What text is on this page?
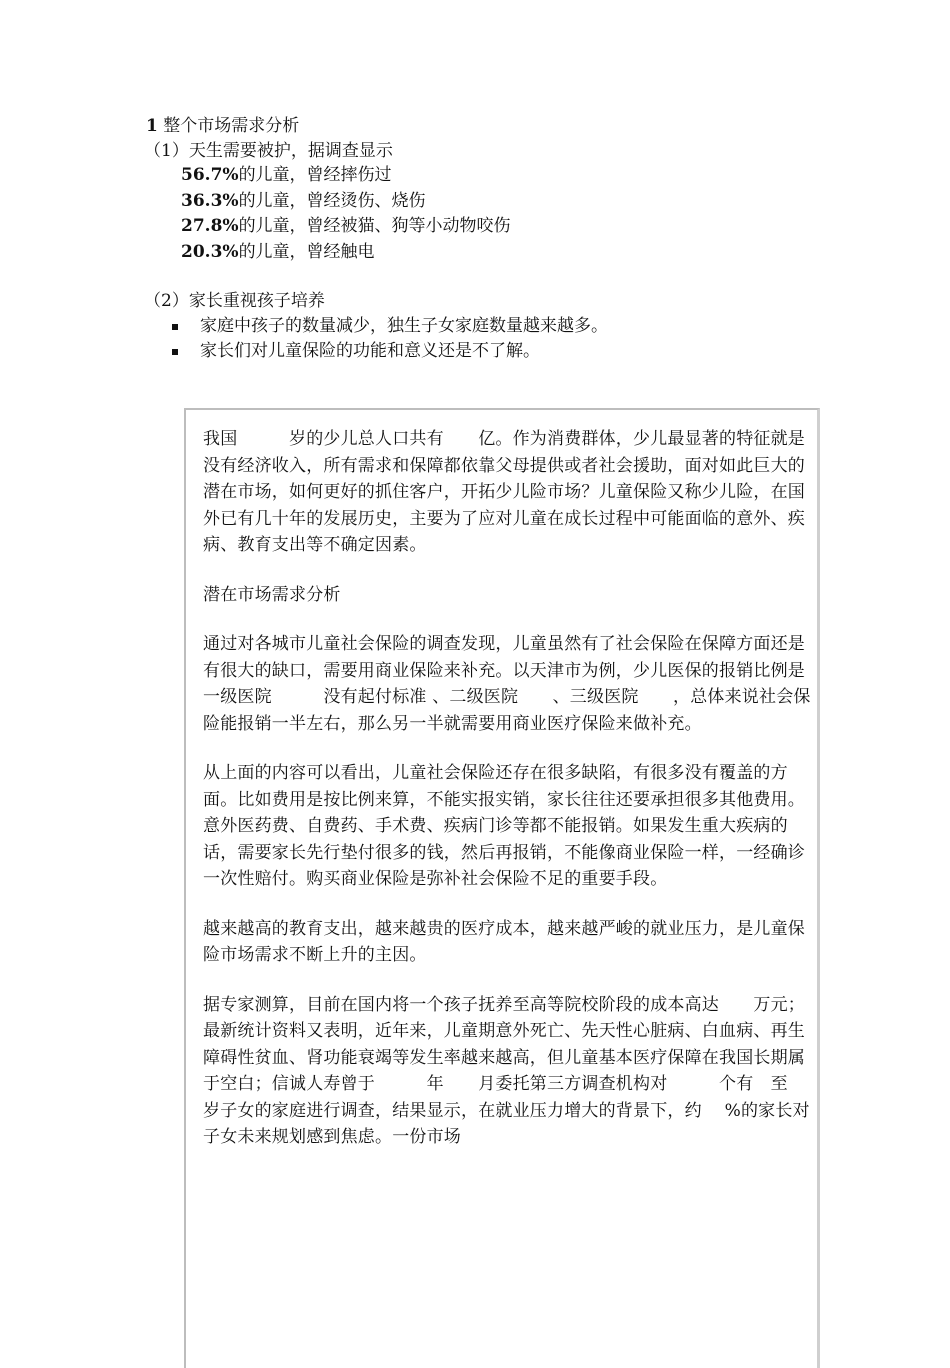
1 整个市场需求分析
（1）天生需要被护，据调查显示
56.7%的儿童，曾经摔伤过
36.3%的儿童，曾经烫伤、烧伤
27.8%的儿童，曾经被猫、狗等小动物咬伤
20.3%的儿童，曾经触电
（2）家长重视孩子培养
家庭中孩子的数量减少，独生子女家庭数量越来越多。
家长们对儿童保险的功能和意义还是不了解。

我国　　　岁的少儿总人口共有　　亿。作为消费群体，少儿最显著的特征就是没有经济收入，所有需求和保障都依靠父母提供或者社会援助，面对如此巨大的潜在市场，如何更好的抓住客户，开拓少儿险市场？儿童保险又称少儿险，在国外已有几十年的发展历史，主要为了应对儿童在成长过程中可能面临的意外、疾病、教育支出等不确定因素。

潜在市场需求分析

通过对各城市儿童社会保险的调查发现，儿童虽然有了社会保险在保障方面还是有很大的缺口，需要用商业保险来补充。以天津市为例，少儿医保的报销比例是一级医院　　　没有起付标准 、二级医院　　、三级医院　　，总体来说社会保险能报销一半左右，那么另一半就需要用商业医疗保险来做补充。

从上面的内容可以看出，儿童社会保险还存在很多缺陷，有很多没有覆盖的方面。比如费用是按比例来算，不能实报实销，家长往往还要承担很多其他费用。意外医药费、自费药、手术费、疾病门诊等都不能报销。如果发生重大疾病的话，需要家长先行垫付很多的钱，然后再报销，不能像商业保险一样，一经确诊一次性赔付。购买商业保险是弥补社会保险不足的重要手段。

越来越高的教育支出，越来越贵的医疗成本，越来越严峻的就业压力，是儿童保险市场需求不断上升的主因。

据专家测算，目前在国内将一个孩子抚养至高等院校阶段的成本高达　　万元；最新统计资料又表明，近年来，儿童期意外死亡、先天性心脏病、白血病、再生障碍性贫血、肾功能衰竭等发生率越来越高，但儿童基本医疗保障在我国长期属于空白；信诚人寿曾于　　　年　　月委托第三方调查机构对　　　个有　至　　岁子女的家庭进行调查，结果显示，在就业压力增大的背景下，约　 %的家长对子女未来规划感到焦虑。一份市场
